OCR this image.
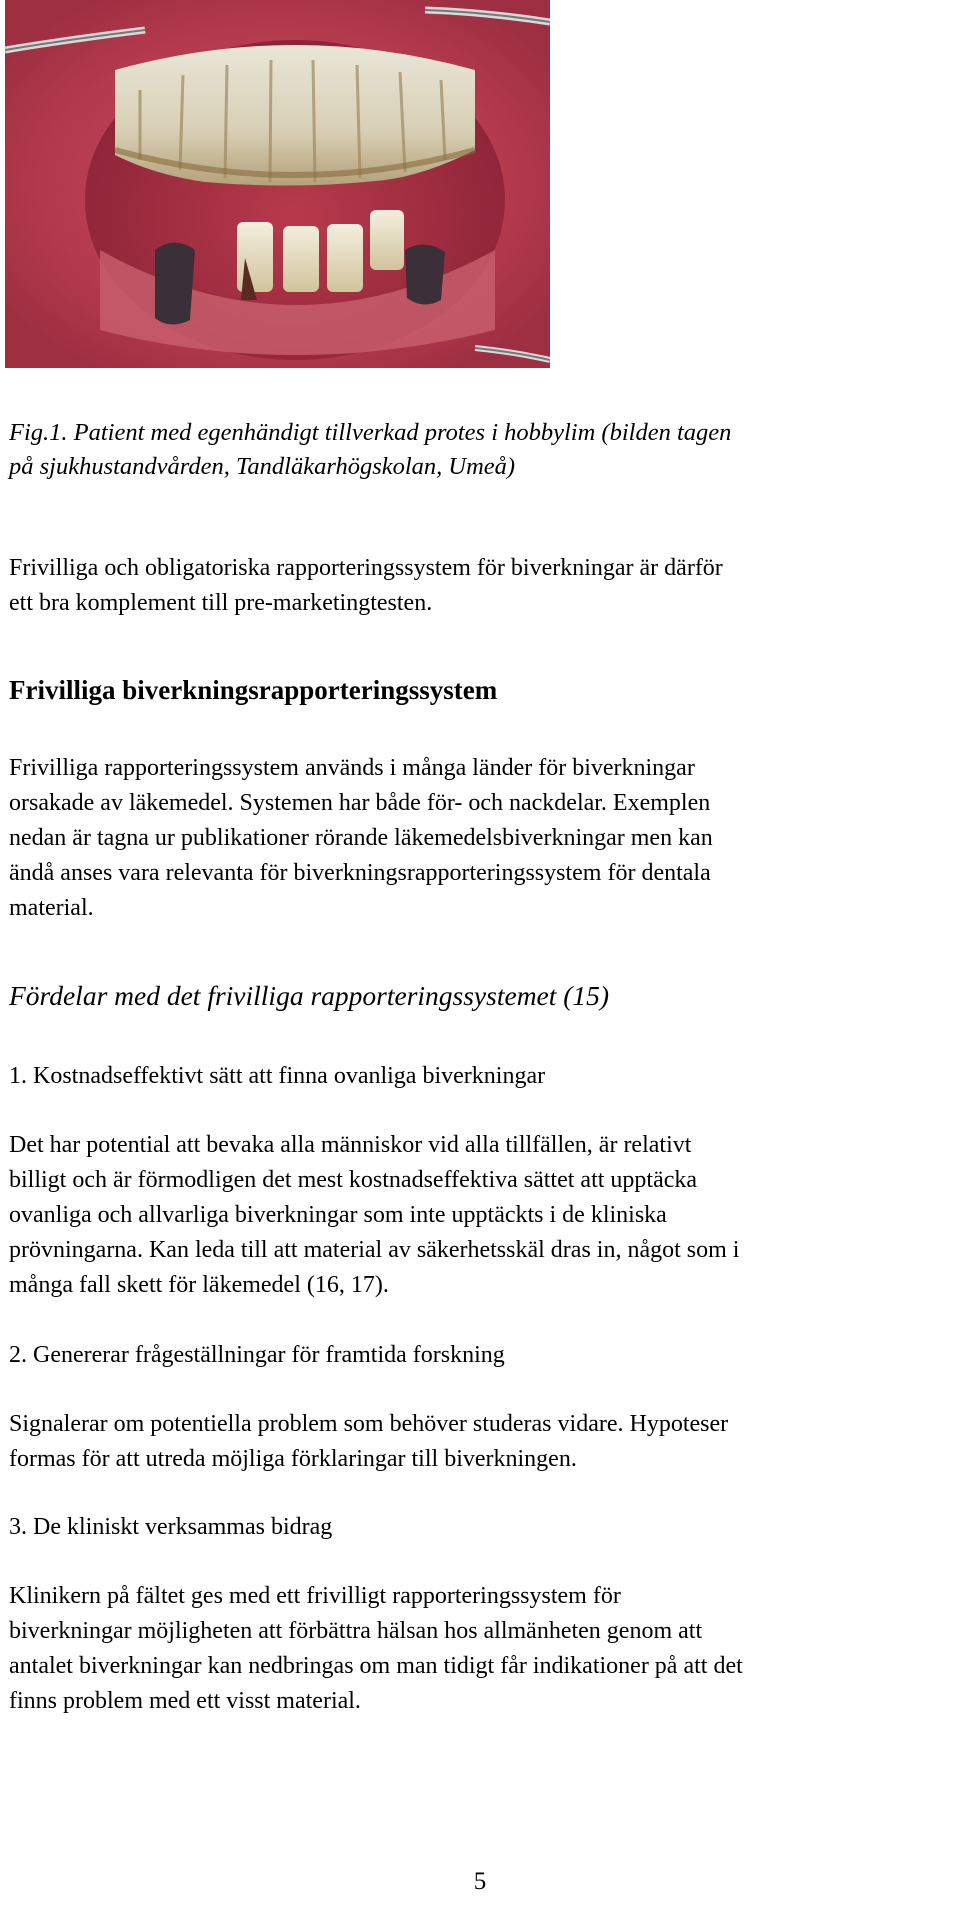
Fig.1. Patient med egenhändigt tillverkad protes i hobbylim (bilden tagen
på sjukhustandvården, Tandläkarhögskolan, Umeå)
Frivilliga och obligatoriska rapporteringssystem för biverkningar är därför
ett bra komplement till pre-marketingtesten.
Frivilliga biverkningsrapporteringssystem
Frivilliga rapporteringssystem används i många länder för biverkningar
orsakade av läkemedel. Systemen har både för- och nackdelar. Exemplen
nedan är tagna ur publikationer rörande läkemedelsbiverkningar men kan
ändå anses vara relevanta för biverkningsrapporteringssystem för dentala
material.
Fördelar med det frivilliga rapporteringssystemet (15)
1. Kostnadseffektivt sätt att finna ovanliga biverkningar
Det har potential att bevaka alla människor vid alla tillfällen, är relativt
billigt och är förmodligen det mest kostnadseffektiva sättet att upptäcka
ovanliga och allvarliga biverkningar som inte upptäckts i de kliniska
prövningarna. Kan leda till att material av säkerhetsskäl dras in, något som i
många fall skett för läkemedel (16, 17).
2. Genererar frågeställningar för framtida forskning
Signalerar om potentiella problem som behöver studeras vidare. Hypoteser
formas för att utreda möjliga förklaringar till biverkningen.
3. De kliniskt verksammas bidrag
Klinikern på fältet ges med ett frivilligt rapporteringssystem för
biverkningar möjligheten att förbättra hälsan hos allmänheten genom att
antalet biverkningar kan nedbringas om man tidigt får indikationer på att det
finns problem med ett visst material.
5
